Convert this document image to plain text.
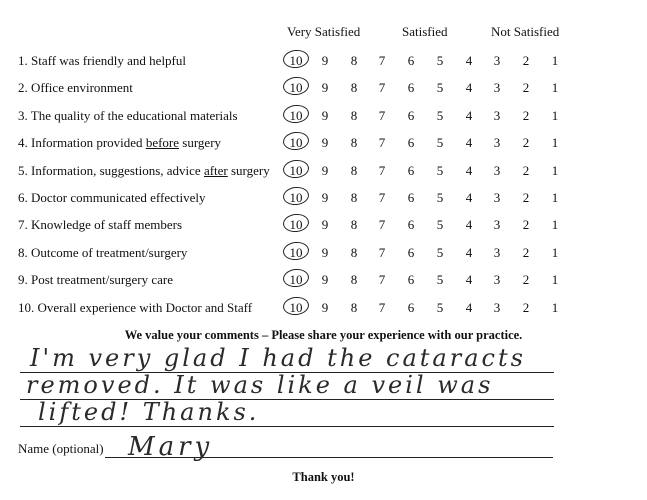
Very Satisfied	Satisfied	Not Satisfied
1. Staff was friendly and helpful	10	9	8	7	6	5	4	3	2	1
2. Office environment	10	9	8	7	6	5	4	3	2	1
3. The quality of the educational materials	10	9	8	7	6	5	4	3	2	1
4. Information provided before surgery	10	9	8	7	6	5	4	3	2	1
5. Information, suggestions, advice after surgery	10	9	8	7	6	5	4	3	2	1
6. Doctor communicated effectively	10	9	8	7	6	5	4	3	2	1
7. Knowledge of staff members	10	9	8	7	6	5	4	3	2	1
8. Outcome of treatment/surgery	10	9	8	7	6	5	4	3	2	1
9. Post treatment/surgery care	10	9	8	7	6	5	4	3	2	1
10. Overall experience with Doctor and Staff	10	9	8	7	6	5	4	3	2	1
We value your comments – Please share your experience with our practice.
I'm very glad I had the cataracts
removed. It was like a veil was
lifted! Thanks.
Name (optional) Mary
Thank you!
